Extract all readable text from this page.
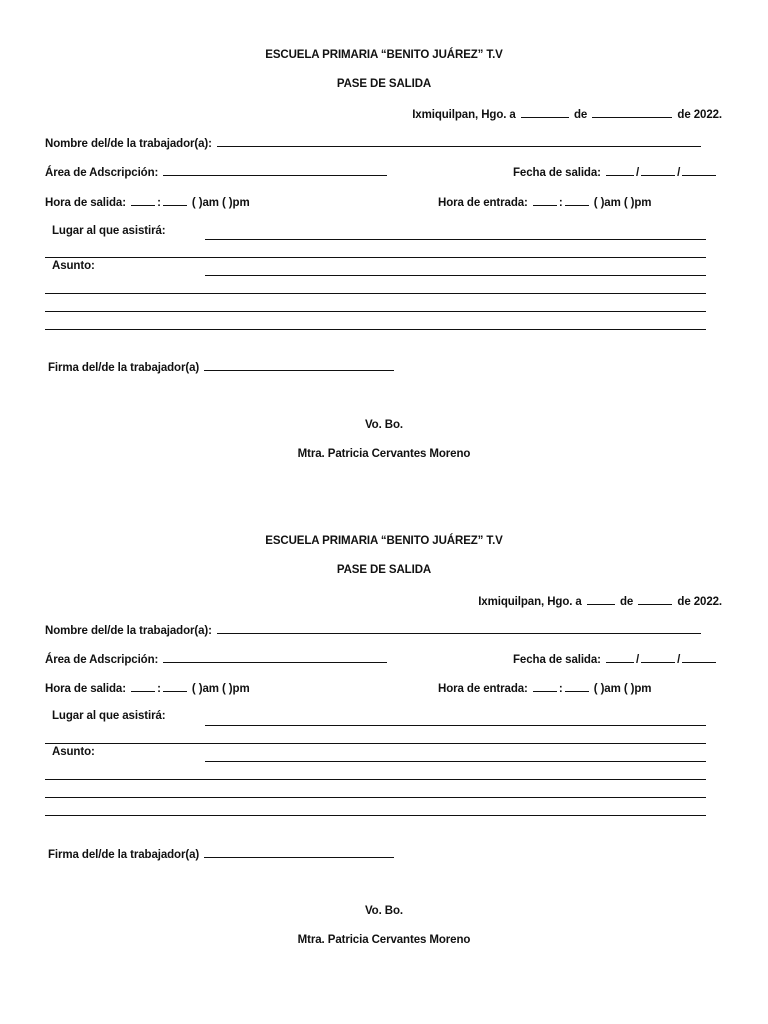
ESCUELA PRIMARIA “BENITO JUÁREZ” T.V
PASE DE SALIDA
Ixmiquilpan, Hgo. a	de	de 2022.
Nombre del/de la trabajador(a):
Área de Adscripción:	Fecha de salida:	/	/
Hora de salida:	:	( )am ( )pm	Hora de entrada:	:	( )am ( )pm
Lugar al que asistirá:
Asunto:
Firma del/de la trabajador(a)
Vo. Bo.
Mtra. Patricia Cervantes Moreno
ESCUELA PRIMARIA “BENITO JUÁREZ” T.V
PASE DE SALIDA
Ixmiquilpan, Hgo. a	de	de 2022.
Nombre del/de la trabajador(a):
Área de Adscripción:	Fecha de salida:	/	/
Hora de salida:	:	( )am ( )pm	Hora de entrada:	:	( )am ( )pm
Lugar al que asistirá:
Asunto:
Firma del/de la trabajador(a)
Vo. Bo.
Mtra. Patricia Cervantes Moreno
